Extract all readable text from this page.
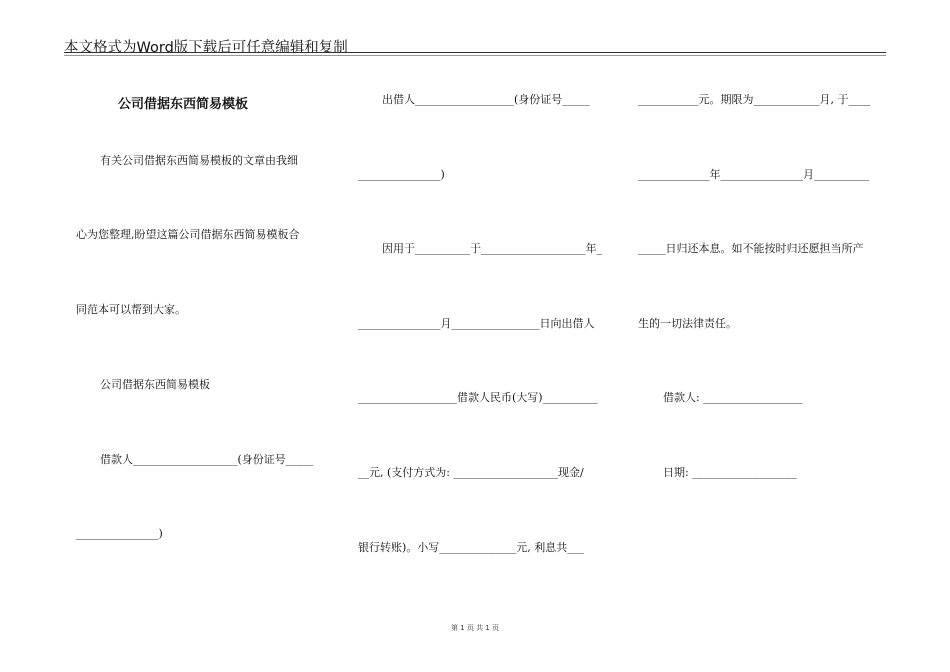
本文格式为Word版下载后可任意编辑和复制
公司借据东西简易模板
有关公司借据东西简易模板的文章由我细
心为您整理,盼望这篇公司借据东西简易模板合
同范本可以帮到大家。
公司借据东西简易模板
借款人___________________(身份证号_____
_______________)
出借人__________________(身份证号_____
_______________)
因用于__________于___________________年_
_______________月________________日向出借人
__________________借款人民币(大写)__________
__元, (支付方式为: ___________________现金/
银行转账)。小写______________元, 利息共___
___________元。期限为____________月, 于____
_____________年_______________月__________
_____日归还本息。如不能按时归还愿担当所产
生的一切法律责任。
借款人: __________________
日期: ___________________
第 1 页 共 1 页
